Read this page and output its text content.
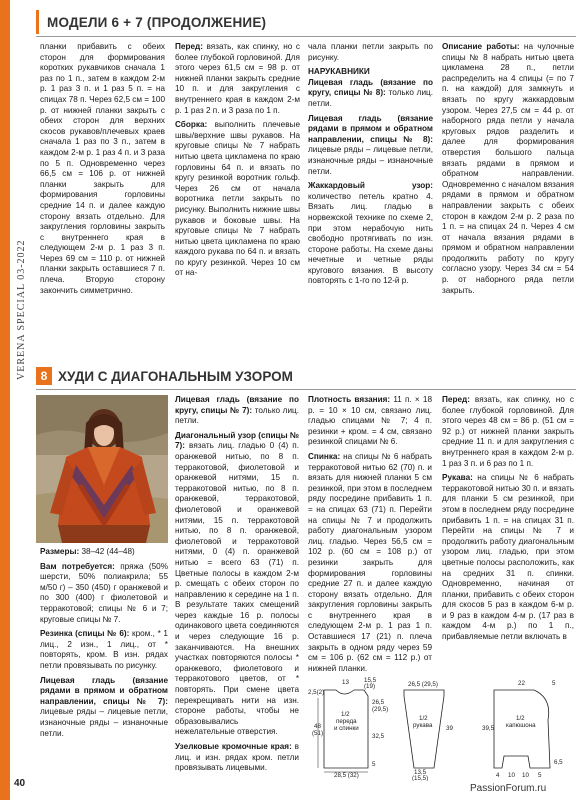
VERENA SPECIAL 03-2022
МОДЕЛИ 6 + 7 (ПРОДОЛЖЕНИЕ)

планки прибавить с обеих сторон для формирования коротких рукавчиков сначала 1 раз по 1 п., затем в каждом 2-м р. 1 раз 3 п. и 1 раз 5 п. = на спицах 78 п. Через 62,5 см = 100 р. от нижней планки закрыть с обеих сторон для верхних скосов рукавов/плечевых краев сначала 1 раз по 3 п., затем в каждом 2-м р. 1 раз 4 п. и 3 раза по 5 п. Одновременно через 66,5 см = 106 р. от нижней планки закрыть для формирования горловины средние 14 п. и далее каждую сторону вязать отдельно. Для закругления горловины закрыть с внутреннего края в следующем 2-м р. 1 раз 3 п. Через 69 см = 110 р. от нижней планки закрыть оставшиеся 7 п. плеча. Вторую сторону закончить симметрично.

Перед: вязать, как спинку, но с более глубокой горловиной. Для этого через 61,5 см = 98 р. от нижней планки закрыть средние 10 п. и для закругления с внутреннего края в каждом 2-м р. 1 раз 2 п. и 3 раза по 1 п.

Сборка: выполнить плечевые швы/верхние швы рукавов. На круговые спицы № 7 набрать нитью цвета цикламена по краю горловины 64 п. и вязать по кругу резинкой воротник гольф. Через 26 см от начала воротника петли закрыть по рисунку. Выполнить нижние швы рукавов и боковые швы. На круговые спицы № 7 набрать нитью цвета цикламена по краю каждого рукава по 64 п. и вязать по кругу резинкой. Через 10 см от на-

чала планки петли закрыть по рисунку.

НАРУКАВНИКИ

Лицевая гладь (вязание по кругу, спицы № 8): только лиц. петли.

Лицевая гладь (вязание рядами в прямом и обратном направлении, спицы № 8): лицевые ряды – лицевые петли, изнаночные ряды – изнаночные петли.

Жаккардовый узор: количество петель кратно 4. Вязать лиц. гладью в норвежской технике по схеме 2, при этом нерабочую нить свободно протягивать по изн. стороне работы. На схеме даны нечетные и четные ряды кругового вязания. В высоту повторять с 1-го по 12-й р.

Описание работы: на чулочные спицы № 8 набрать нитью цвета цикламена 28 п., петли распределить на 4 спицы (= по 7 п. на каждой) для замкнуть и вязать по кругу жаккардовым узором. Через 27,5 см = 44 р. от наборного ряда петли у начала круговых рядов разделить и далее для формирования отверстия большого пальца вязать рядами в прямом и обратном направлении. Одновременно с началом вязания рядами в прямом и обратном направлении закрыть с обеих сторон в каждом 2-м р. 2 раза по 1 п. = на спицах 24 п. Через 4 см от начала вязания рядами в прямом и обратном направлении продолжить работу по кругу согласно узору. Через 34 см = 54 р. от наборного ряда петли закрыть.

8 ХУДИ С ДИАГОНАЛЬНЫМ УЗОРОМ

Размеры: 38–42 (44–48)

Вам потребуется: пряжа (50% шерсти, 50% полиакрила; 55 м/50 г) – 350 (450) г оранжевой и по 300 (400) г фиолетовой и терракотовой; спицы № 6 и 7; круговые спицы № 7.

Резинка (спицы № 6): кром., * 1 лиц., 2 изн., 1 лиц., от * повторять, кром. В изн. рядах петли провязывать по рисунку.

Лицевая гладь (вязание рядами в прямом и обратном направлении, спицы № 7): лицевые ряды – лицевые петли, изнаночные ряды – изнаночные петли.

Лицевая гладь (вязание по кругу, спицы № 7): только лиц. петли.

Диагональный узор (спицы № 7): вязать лиц. гладью 0 (4) п. оранжевой нитью, по 8 п. терракотовой, фиолетовой и оранжевой нитями, 15 п. терракотовой нитью, по 8 п. оранжевой, терракотовой, фиолетовой и оранжевой нитями, 15 п. терракотовой нитью, по 8 п. оранжевой, фиолетовой и терракотовой нитями, 0 (4) п. оранжевой нитью = всего 63 (71) п. Цветные полосы в каждом 2-м р. смещать с обеих сторон по направлению к середине на 1 п. В результате таких смещений через каждые 16 р. полосы одинакового цвета соединяются и через следующие 16 р. заканчиваются. На внешних участках повторяются полосы * оранжевого, фиолетового и терракотового цветов, от * повторять. При смене цвета перекрещивать нити на изн. стороне работы, чтобы не образовывались нежелательные отверстия.

Узелковые кромочные края: в лиц. и изн. рядах кром. петли провязывать лицевыми.

Плотность вязания: 11 п. × 18 р. = 10 × 10 см, связано лиц. гладью спицами № 7; 4 п. резинки + кром. = 4 см, связано резинкой спицами № 6.

Спинка: на спицы № 6 набрать терракотовой нитью 62 (70) п. и вязать для нижней планки 5 см резинкой, при этом в последнем ряду посредине прибавить 1 п. = на спицах 63 (71) п. Перейти на спицы № 7 и продолжить работу диагональным узором лиц. гладью. Через 56,5 см = 102 р. (60 см = 108 р.) от резинки закрыть для формирования горловины средние 27 п. и далее каждую сторону вязать отдельно. Для закругления горловины закрыть с внутреннего края в следующем 2-м р. 1 раз 1 п. Оставшиеся 17 (21) п. плеча закрыть в одном ряду через 59 см = 106 р. (62 см = 112 р.) от нижней планки.

Перед: вязать, как спинку, но с более глубокой горловиной. Для этого через 48 см = 86 р. (51 см = 92 р.) от нижней планки закрыть средние 11 п. и для закругления с внутреннего края в каждом 2-м р. 1 раз 3 п. и 6 раз по 1 п.

Рукава: на спицы № 6 набрать терракотовой нитью 30 п. и вязать для планки 5 см резинкой, при этом в последнем ряду посредине прибавить 1 п. = на спицах 31 п. Перейти на спицы № 7 и продолжить работу диагональным узором лиц. гладью, при этом цветные полосы расположить, как на средних 31 п. спинки. Одновременно, начиная от планки, прибавить с обеих сторон для скосов 5 раз в каждом 6-м р. и 9 раз в каждом 4-м р. (17 раз в каждом 4-м р.) по 1 п., прибавляемые петли включать в

13 15,5
(19)
2,5(2)
1/2
переда
и спинки
26,5
(29,5)
48
(51)	32,5
5
28,5 (32)
26,5 (29,5)
1/2
рукава 39
13,5
(15,5)
22	5
1/2
капюшона
39,5
4 10 10 5
6,5
40	PassionForum.ru
